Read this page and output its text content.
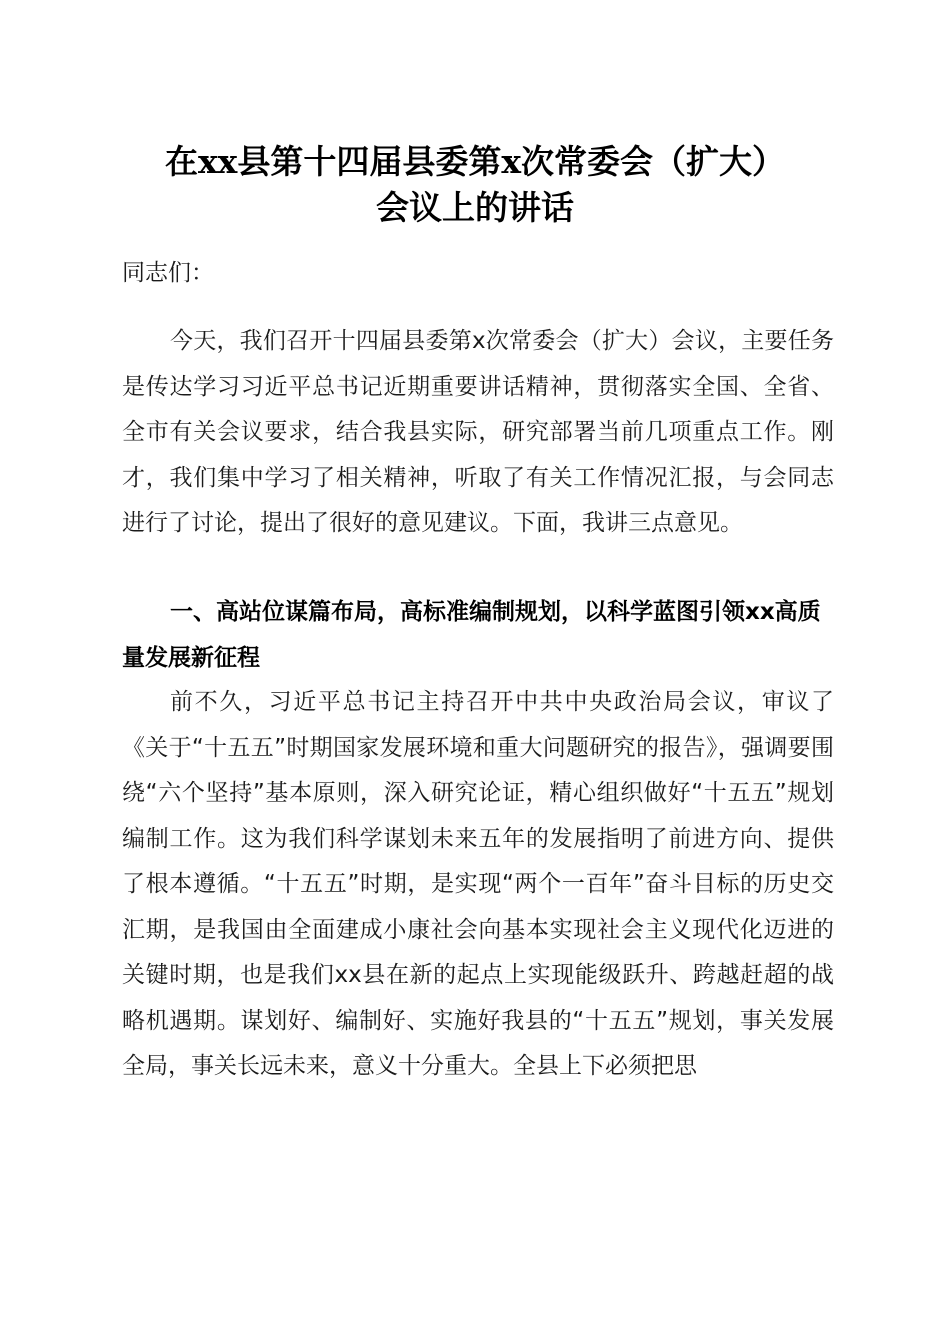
在xx县第十四届县委第x次常委会（扩大）
会议上的讲话
同志们：

今天，我们召开十四届县委第x次常委会（扩大）会议，主要任务是传达学习习近平总书记近期重要讲话精神，贯彻落实全国、全省、全市有关会议要求，结合我县实际，研究部署当前几项重点工作。刚才，我们集中学习了相关精神，听取了有关工作情况汇报，与会同志进行了讨论，提出了很好的意见建议。下面，我讲三点意见。

一、高站位谋篇布局，高标准编制规划，以科学蓝图引领xx高质量发展新征程

前不久，习近平总书记主持召开中共中央政治局会议，审议了《关于“十五五”时期国家发展环境和重大问题研究的报告》，强调要围绕“六个坚持”基本原则，深入研究论证，精心组织做好“十五五”规划编制工作。这为我们科学谋划未来五年的发展指明了前进方向、提供了根本遵循。“十五五”时期，是实现“两个一百年”奋斗目标的历史交汇期，是我国由全面建成小康社会向基本实现社会主义现代化迈进的关键时期，也是我们xx县在新的起点上实现能级跃升、跨越赶超的战略机遇期。谋划好、编制好、实施好我县的“十五五”规划，事关发展全局，事关长远未来，意义十分重大。全县上下必须把思
